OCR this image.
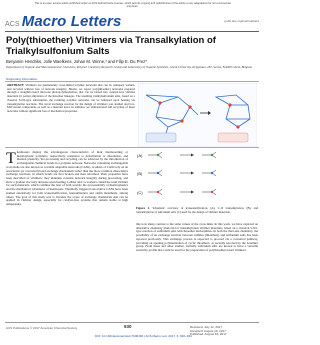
This is an open access article published under an ACS AuthorChoice License, which permits copying and redistribution of the article or any adaptations for non-commercial purposes.
ACS Macro Letters	pubs.acs.org/macroletters
Poly(thioether) Vitrimers via Transalkylation of Trialkylsulfonium Salts
Benjamin Hendriks, Jolle Waelkens, Johan M. Winne,* and Filip E. Du Prez*
Department of Organic and Macromolecular Chemistry, Polymer Chemistry Research Group and Laboratory of Organic Synthesis, Ghent University, Krijgslaan, 281, S4-bis, B-9000 Ghent, Belgium
Supporting Information
ABSTRACT: Vitrimers are permanently cross-linked polymer networks that can be reshaped, welded, and recycled without loss of network integrity. Herein, we report poly(thioether) networks prepared through a straightforward thiol-ene photopolymerization, that can be turned into catalyst-free vitrimer materials by partial alkylation of the thioether linkages. The resulting trialkylsulfonium salts, based on a classical S-N2-type substitution, the resulting polymer networks can be reshaped upon heating via transalkylation reactions. The novel exchange reaction for the design of vitrimers was studied and low-MW model compounds, as well as a material level. In addition, we demonstrated full recycling of these networks without significant loss of mechanical properties.
T hermosets display the advantageous characteristics of their thermosetting or thermoplastic polymers, respectively, resistance to deformation or dissolution, and thermal plasticity. Yet processing and recycling can be achieved by the introduction of exchangeable chemical bonds in a polymer network. Networks containing exchangeable cross-links are also known as covalent adaptable networks (CANs). A subset of CANs rely on an associative (or concerted) bond exchange mechanism rather than the more common dissociative exchange reactions, in which bonds are first broken and then reformed. Their properties have been described as vitrimers: they maintain constant network integrity during processing, and show a gradual viscosity decrease upon heating. Leibler and co-workers coined the term vitrimer for such materials, which combine the best of both worlds: the processability of thermoplastics and the mechanical robustness of thermosets. Thermally triggered associative CANs have been studied extensively for both transesterification, transamination and olefin metathesis, among others. The goal of this study was to broaden the scope of exchange chemistries that can be applied in vitrimer design, especially for catalyst-free systems that remain stable at high temperature.
(A)
(B)
(C)
Figure 1. Schematic overview of transesterification, (A), C–N transalkylation, (B), and transalkylation of sulfonium salts (C) used for the design of vitrimer materials.
this is in sharp contrast to the same values of the cross-links. In this work, we have explored an alternative chemistry platform for transalkylation vitrimer materials, based on a classical S-N2-type reaction of sulfonium salts with thioether nucleophiles. In both the thiol-ene chemistry, the possibility of an exchange reaction between sulfides (thioethers) and sulfonium salts has been reported previously. This exchange process is expected to proceed via a concerted pathway, providing an opening polymerization of cyclic thioethers, as recently reported by the Gouthier group. From these and other studies, formally sulfonium salts are known to have a versatile reactivity profile that could be used for the preparation of polythioether-based vitrimers.
ACS Publications © 2017 American Chemical Society	930	Received: July 12, 2017
Accepted: August 10, 2017
Published: August 16, 2017
DOI: 10.1021/acsmacrolett.7b00494 | ACS Macro Lett. 2017, 6, 930−934
